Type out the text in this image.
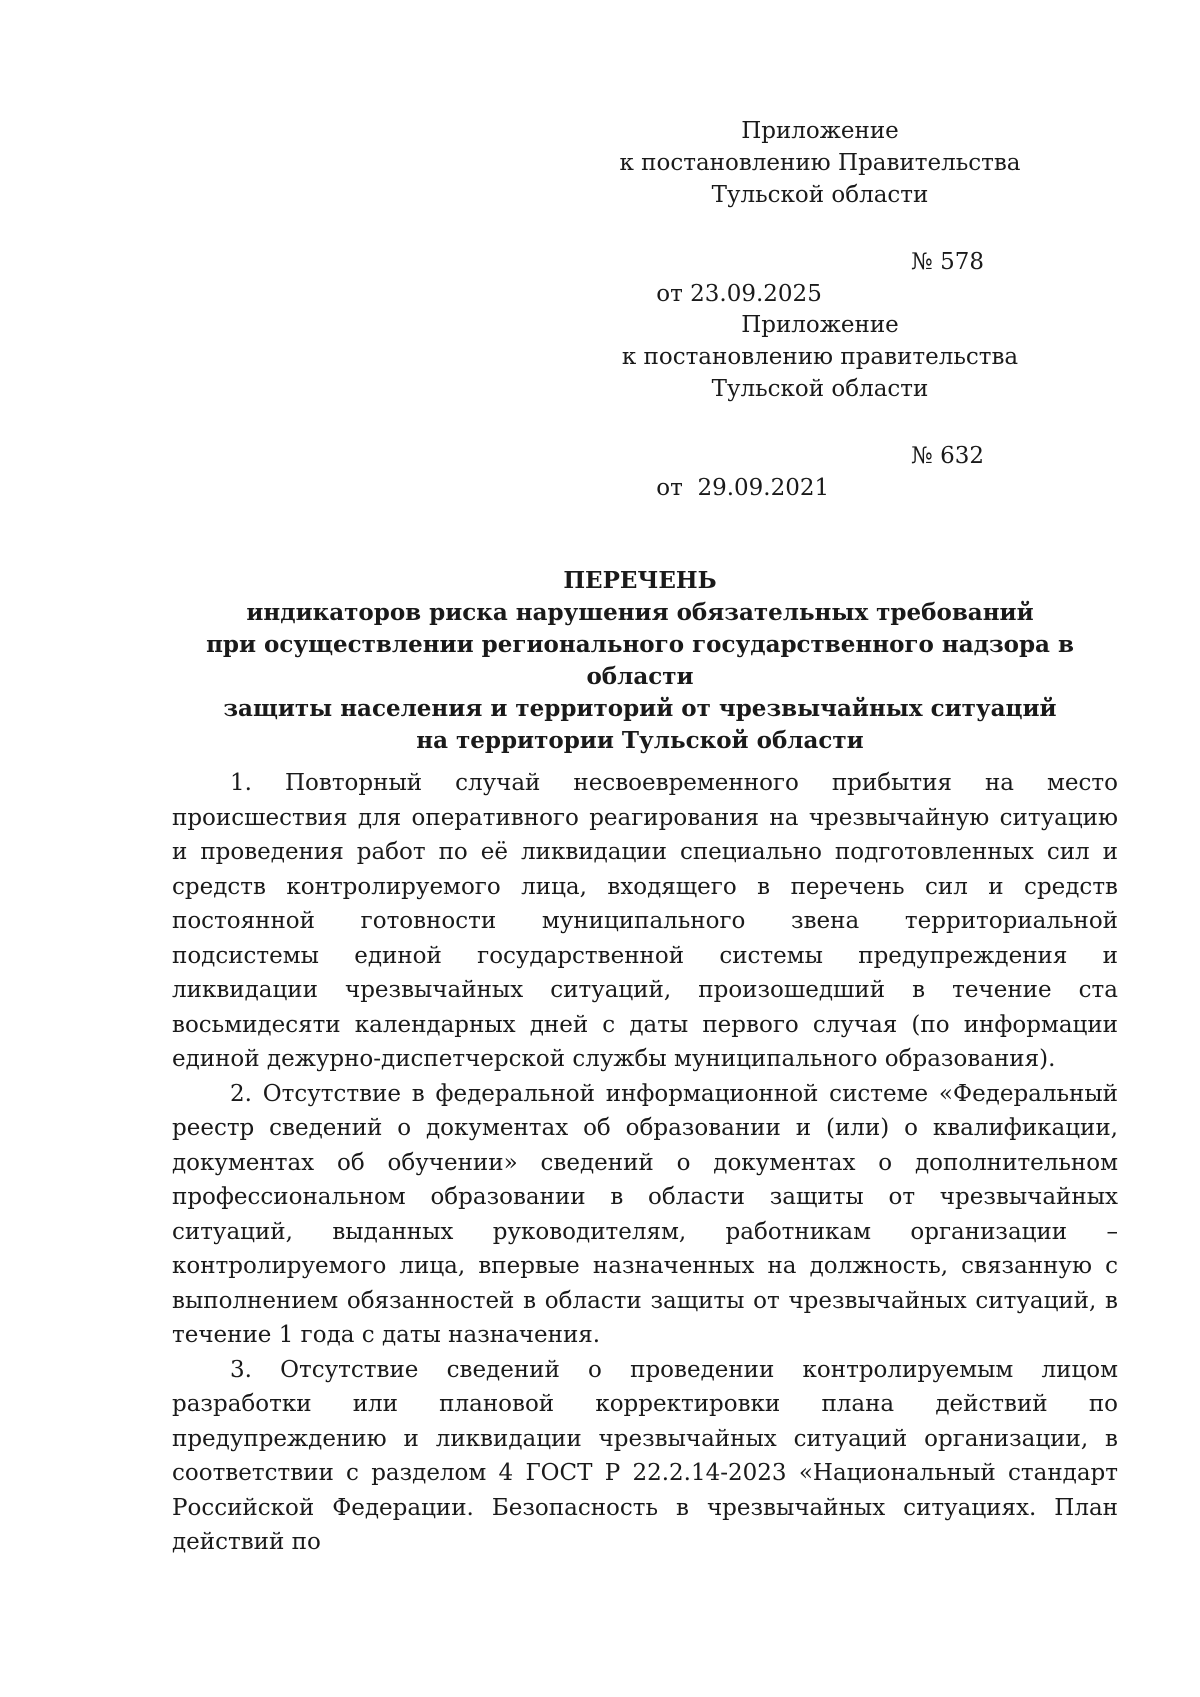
Приложение
к постановлению Правительства
Тульской области

от 23.09.2025

№ 578

Приложение
к постановлению правительства
Тульской области

от  29.09.2021

№ 632

ПЕРЕЧЕНЬ
индикаторов риска нарушения обязательных требований
при осуществлении регионального государственного надзора в области
защиты населения и территорий от чрезвычайных ситуаций
на территории Тульской области

1. Повторный случай несвоевременного прибытия на место происшествия для оперативного реагирования на чрезвычайную ситуацию и проведения работ по её ликвидации специально подготовленных сил и средств контролируемого лица, входящего в перечень сил и средств постоянной готовности муниципального звена территориальной подсистемы единой государственной системы предупреждения и ликвидации чрезвычайных ситуаций, произошедший в течение ста восьмидесяти календарных дней с даты первого случая (по информации единой дежурно-диспетчерской службы муниципального образования).

2. Отсутствие в федеральной информационной системе «Федеральный реестр сведений о документах об образовании и (или) о квалификации, документах об обучении» сведений о документах о дополнительном профессиональном образовании в области защиты от чрезвычайных ситуаций, выданных руководителям, работникам организации – контролируемого лица, впервые назначенных на должность, связанную с выполнением обязанностей в области защиты от чрезвычайных ситуаций, в течение 1 года с даты назначения.

3. Отсутствие сведений о проведении контролируемым лицом разработки или плановой корректировки плана действий по предупреждению и ликвидации чрезвычайных ситуаций организации, в соответствии с разделом 4 ГОСТ Р 22.2.14-2023 «Национальный стандарт Российской Федерации. Безопасность в чрезвычайных ситуациях. План действий по
